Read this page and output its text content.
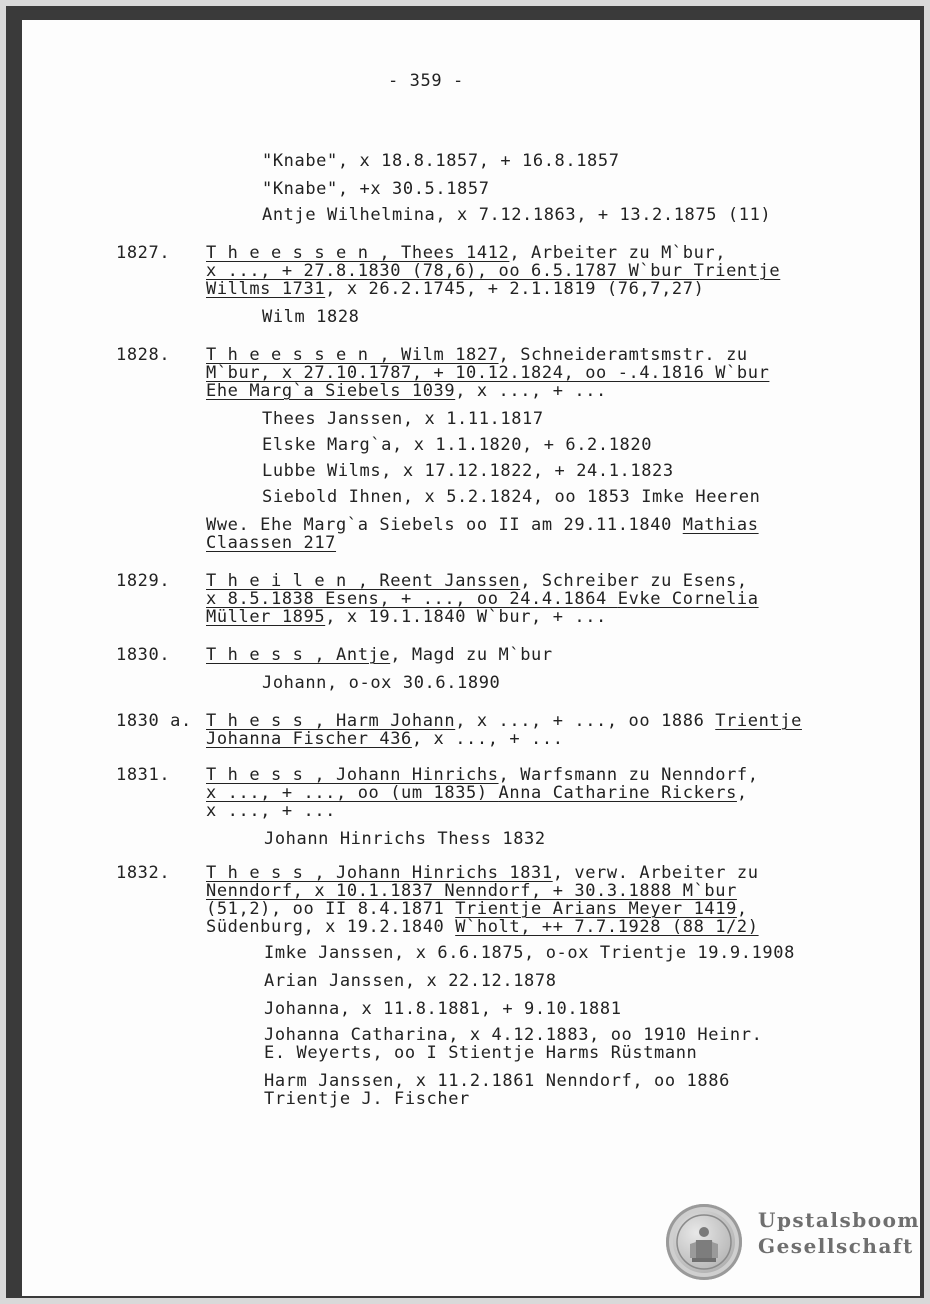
- 359 -
"Knabe", x 18.8.1857, + 16.8.1857
"Knabe", +x 30.5.1857
Antje Wilhelmina, x 7.12.1863, + 13.2.1875 (11)
1827. T h e e s s e n , Thees 1412, Arbeiter zu M`bur,
x ..., + 27.8.1830 (78,6), oo 6.5.1787 W`bur Trientje
Willms 1731, x 26.2.1745, + 2.1.1819 (76,7,27)
Wilm 1828
1828. T h e e s s e n , Wilm 1827, Schneideramtsmstr. zu
M`bur, x 27.10.1787, + 10.12.1824, oo -.4.1816 W`bur
Ehe Marg`a Siebels 1039, x ..., + ...
Thees Janssen, x 1.11.1817
Elske Marg`a, x 1.1.1820, + 6.2.1820
Lubbe Wilms, x 17.12.1822, + 24.1.1823
Siebold Ihnen, x 5.2.1824, oo 1853 Imke Heeren
Wwe. Ehe Marg`a Siebels oo II am 29.11.1840 Mathias
Claassen 217
1829. T h e i l e n , Reent Janssen, Schreiber zu Esens,
x 8.5.1838 Esens, + ..., oo 24.4.1864 Evke Cornelia
Müller 1895, x 19.1.1840 W`bur, + ...
1830. T h e s s , Antje, Magd zu M`bur
Johann, o-ox 30.6.1890
1830 a. T h e s s , Harm Johann, x ..., + ..., oo 1886 Trientje
Johanna Fischer 436, x ..., + ...
1831. T h e s s , Johann Hinrichs, Warfsmann zu Nenndorf,
x ..., + ..., oo (um 1835) Anna Catharine Rickers,
x ..., + ...
Johann Hinrichs Thess 1832
1832. T h e s s , Johann Hinrichs 1831, verw. Arbeiter zu
Nenndorf, x 10.1.1837 Nenndorf, + 30.3.1888 M`bur
(51,2), oo II 8.4.1871 Trientje Arians Meyer 1419,
Südenburg, x 19.2.1840 W`holt, ++ 7.7.1928 (88 1/2)
Imke Janssen, x 6.6.1875, o-ox Trientje 19.9.1908
Arian Janssen, x 22.12.1878
Johanna, x 11.8.1881, + 9.10.1881
Johanna Catharina, x 4.12.1883, oo 1910 Heinr.
E. Weyerts, oo I Stientje Harms Rüstmann
Harm Janssen, x 11.2.1861 Nenndorf, oo 1886
Trientje J. Fischer
Upstalsboom
Gesellschaft
